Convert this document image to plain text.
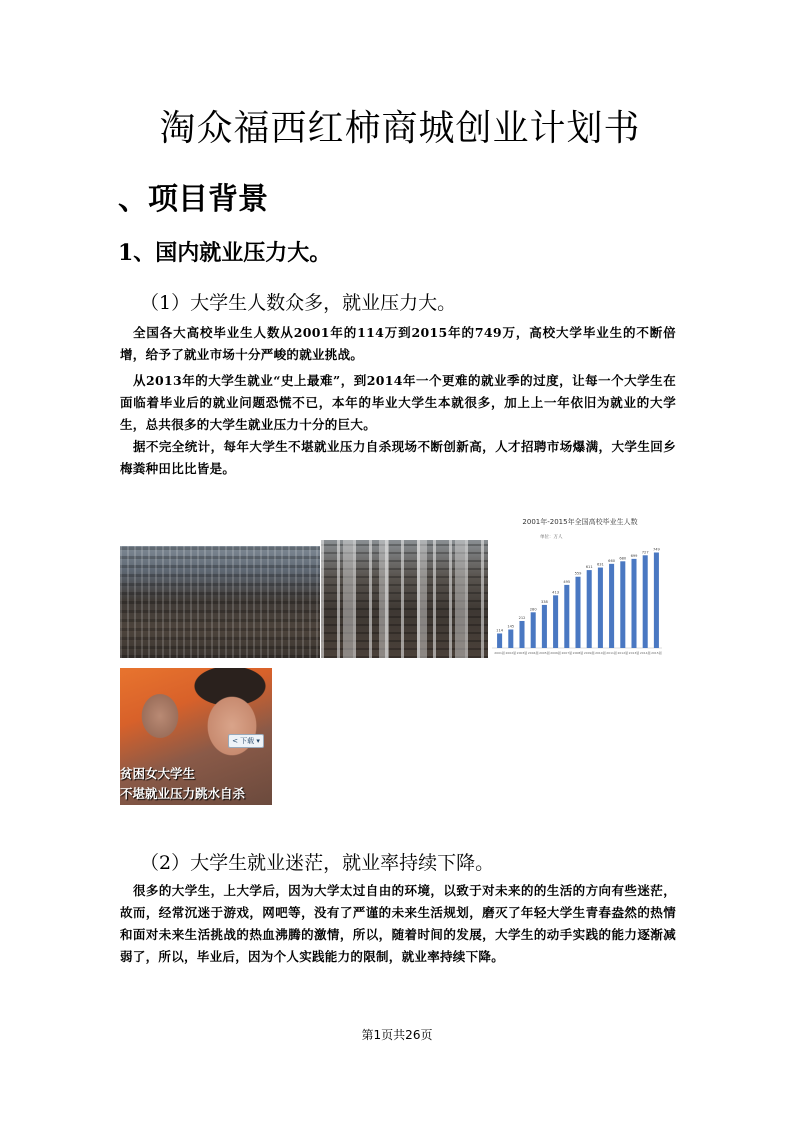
淘众福西红柿商城创业计划书
、项目背景
1、国内就业压力大。
（1）大学生人数众多，就业压力大。

全国各大高校毕业生人数从2001年的114万到2015年的749万，高校大学毕业生的不断倍增，给予了就业市场十分严峻的就业挑战。

从2013年的大学生就业“史上最难”，到2014年一个更难的就业季的过度，让每一个大学生在面临着毕业后的就业问题恐慌不已，本年的毕业大学生本就很多，加上上一年依旧为就业的大学生，总共很多的大学生就业压力十分的巨大。

据不完全统计，每年大学生不堪就业压力自杀现场不断创新高，人才招聘市场爆满，大学生回乡梅粪种田比比皆是。

2001年-2015年全国高校毕业生人数
单位：万人
114
145
212
280
338
413
495
559
611
631
660
680
699
727
749
2001届 2002届 2003届 2004届 2005届 2006届 2007届 2008届 2009届 2010届 2011届 2012届 2013届 2014届 2015届
< 下载 ▾
贫困女大学生
不堪就业压力跳水自杀
（2）大学生就业迷茫，就业率持续下降。

很多的大学生，上大学后，因为大学太过自由的环境，以致于对未来的的生活的方向有些迷茫，故而，经常沉迷于游戏，网吧等，没有了严谨的未来生活规划，磨灭了年轻大学生青春盎然的热情和面对未来生活挑战的热血沸腾的激情，所以，随着时间的发展，大学生的动手实践的能力逐渐减弱了，所以，毕业后，因为个人实践能力的限制，就业率持续下降。

第1页共26页
